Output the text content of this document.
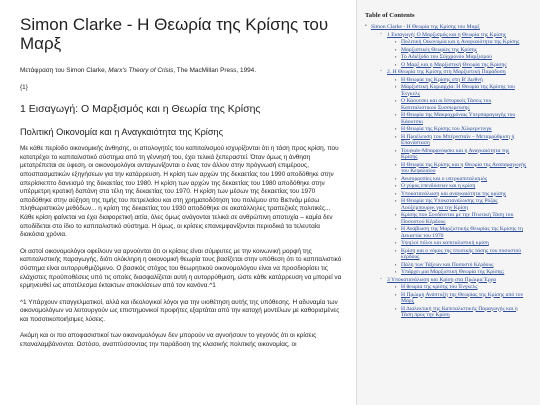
Simon Clarke - Η Θεωρία της Κρίσης του Μαρξ

Μετάφραση του Simon Clarke, Marx's Theory of Crisis, The MacMillan Press, 1994.

{1}

1 Εισαγωγή: Ο Μαρξισμός και η Θεωρία της Κρίσης
Πολιτική Οικονομία και η Αναγκαιότητα της Κρίσης

Με κάθε περίοδο οικονομικής άνθησης, οι απολογητές του καπιταλισμού ισχυρίζονται ότι η τάση προς κρίση, που κατατρέχει το καπιταλιστικό σύστημα από τη γέννησή του, έχει τελικά ξεπεραστεί. Όταν όμως η άνθηση μετατρέπεται σε ύφεση, οι οικονομολόγοι ανταγωνίζονται ο ένας τον άλλον στην πρόγνωσή επιμέρους, αποσπασματικών εξηγήσεων για την κατάρρευση. Η κρίση των αρχών της δεκαετίας του 1990 αποδόθηκε στην απερίσκεπτο δανεισμό της δεκαετίας του 1980. Η κρίση των αρχών της δεκαετίας του 1980 αποδόθηκε στην υπέρμετρη κρατική δαπάνη στα τέλη της δεκαετίας του 1970. Η κρίση των μέσων της δεκαετίας του 1970 αποδόθηκε στην αύξηση της τιμής του πετρελαίου και στη χρηματοδότηση του πολέμου στο Βιετνάμ μέσω πληθωριστικών μεθόδων... η κρίση της δεκαετίας του 1930 αποδόθηκε σε ακατάλληλες τραπεζικές πολιτικές... Κάθε κρίση φαίνεται να έχει διαφορετική αιτία, όλες όμως ανάγονται τελικά σε ανθρώπινη αποτυχία – καμία δεν αποδίδεται στο ίδιο το καπιταλιστικό σύστημα. Η όμως, οι κρίσεις επανεμφανίζονται περιοδικά τα τελευταία διακόσια χρόνια.

Οι αστοί οικονομολόγοι οφείλουν να αρνούνται ότι οι κρίσεις είναι σύμφυτες με την κοινωνική μορφή της καπιταλιστικής παραγωγής, διότι ολόκληρη η οικονομική θεωρία τους βασίζεται στην υπόθεση ότι το καπιταλιστικό σύστημα είναι αυτορρυθμιζόμενο. Ο βασικός στόχος του θεωρητικού οικονομολόγου είναι να προσδιορίσει τις ελάχιστες προϋποθέσεις υπό τις οποίες διασφαλίζεται αυτή η αυτορρύθμιση, ώστε κάθε κατάρρευση να μπορεί να ερμηνευθεί ως αποτέλεσμα έκτακτων αποκλίσεων από τον κανόνα.^1

^1 Υπάρχουν επαγγελματικοί, αλλά και ιδεολογικοί λόγοι για την υιοθέτηση αυτής της υπόθεσης. Η αδυναμία των οικονομολόγων να λειτουργούν ως επιστημονικοί προφήτες εξαρτάται από την κατοχή μοντέλων με καθορισμένες και ποσοτικοποιήσιμες λύσεις.

Ακόμη και οι πιο αποφασιστικοί των οικονομολόγων δεν μπορούν να αγνοήσουν το γεγονός ότι οι κρίσεις επαναλαμβάνονται. Ωστόσο, αναπτύσσοντας την παράδοση της κλασικής πολιτικής οικονομίας, οι

Table of Contents
• Simon Clarke - Η Θεωρία της Κρίσης του Μαρξ
◦ 1 Εισαγωγή: Ο Μαρξισμός και η Θεωρία της Κρίσης
▪ Πολιτική Οικονομία και η Αναγκαιότητα της Κρίσης
▪ Μαρξιστικές Θεωρίες της Κρίσης
▪ Το Αδιέξοδο του Σύγχρονου Μαρξισμού
▪ Ο Μαρξ και η Μαρξιστική Θεωρία της Κρίσης
◦ 2. Η Θεωρία της Κρίσης στη Μαρξιστική Παράδοση
▪ Η Θεωρία της Κρίσης στη Β' Διεθνή
▪ Μαρξιστική Κυριαρχία: Η Θεωρία της Κρίσης του Ένγκελς
▪ Ο Κάουτσκι και οι Ιστορικές Τάσεις του Καπιταλιστικού Συσσωρεύσης
▪ Η Θεωρία της Μακροχρόνιας Υπερπαραγωγής του Κάουτσκι
▪ Η Θεωρία της Κρίσης του Χίλφερντινγκ
▪ Η Προέλευση του Μπέρνσταϊν – Μεταρρύθμιση ή Επανάσταση
▪ Τουγκάν-Μπαρανόφσκι και η Αναγκαιότητα της Κρίσης
▪ Η Θεωρία της Κρίσης και η Θεωρία της Αναπαραγωγής του Κεφαλαίου
▪ Ανισορροπίες και ο υπερκαπιταλισμός
▪ Ο γύρος επενδύσεων και η κρίση
▪ Υποκατανάλωση και αναγκαιότητα της κρίσης
▪ Η Θεωρία της Υποκατανάλωσης της Ρόζας Λούξεμπουργκ για την Κρίση
▪ Κρίσης που Συνδέονται με την Πτωτική Τάση του Ποσοστού Κέρδους
▪ Η Αναβίωση της Μαρξιστικής Θεωρίας της Κρίσης τη Δεκαετία του 1970
▪ Υψηλοί πόλοι και καπιταλιστική κρίση
▪ Κρίση και ο νόμος της πτωτικής τάσης του ποσοστού κέρδους
▪ Πάλη των Τάξεων και Ποσοστό Κέρδους
▪ Υπάρχει μια Μαρξιστική Θεωρία της Κρίσης;
◦ 3 Υποκατανάλωση και Κρίση στα Πρώιμα Έργα
▪ Η θεωρία της κρίσης του Ένγκελς
▪ Η Πρώιμη Ανάπτυξη της Θεωρίας της Κρίσης από τον Μαρξ
▪ Η Διαλεκτική της Καπιταλιστικής Παραγωγής και η Τάση προς την Κρίση
